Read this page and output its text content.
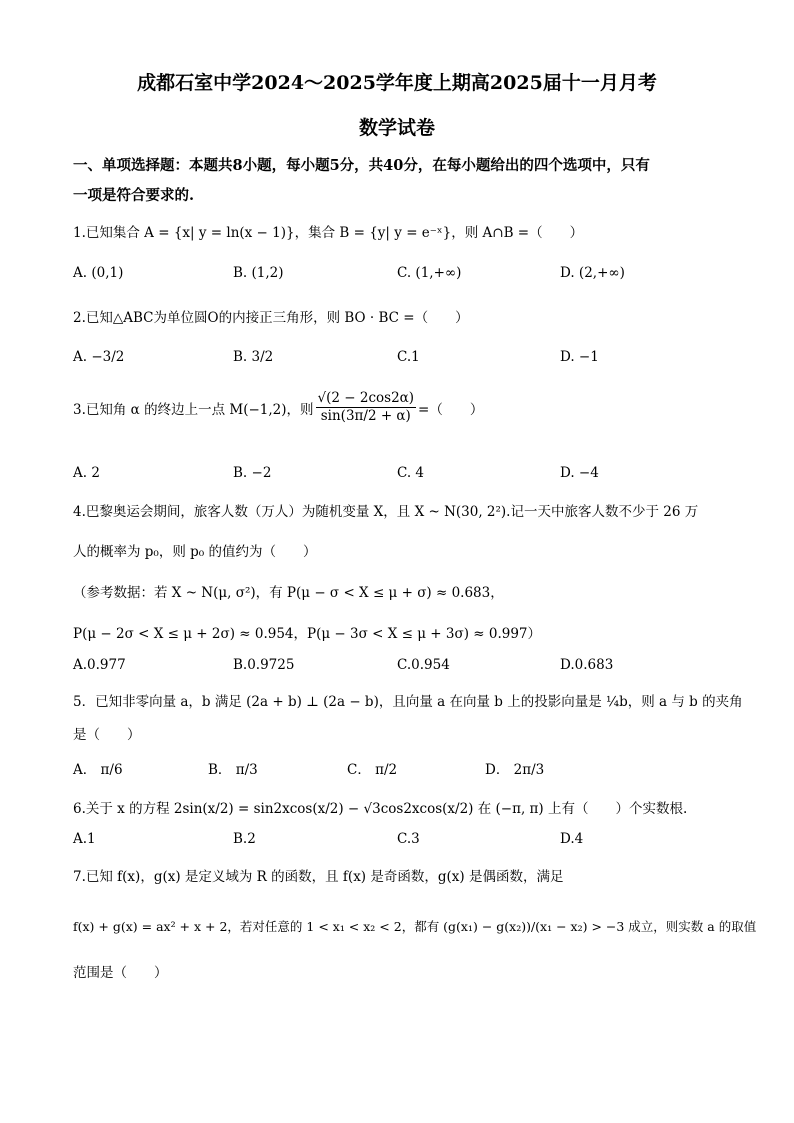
成都石室中学2024～2025学年度上期高2025届十一月月考
数学试卷
一、单项选择题：本题共8小题，每小题5分，共40分，在每小题给出的四个选项中，只有
一项是符合要求的.
1.已知集合 A = {x| y = ln(x − 1)}，集合 B = {y| y = e⁻ˣ}，则 A∩B =（　　）
A. (0,1)	B. (1,2)	C. (1,+∞)	D. (2,+∞)
2.已知△ABC为单位圆O的内接正三角形，则 BO · BC =（　　）
A. −3/2	B. 3/2	C.1	D. −1
3.已知角 α 的终边上一点 M(−1,2)，则 $\frac{√(2 - 2\cos 2\alpha)}{\sin(3\pi/2 + \alpha)}$ =（　　）
A. 2	B. −2	C. 4	D. −4
4.巴黎奥运会期间，旅客人数（万人）为随机变量 X，且 X ~ N(30, 2²).记一天中旅客人数不少于 26 万
人的概率为 p₀，则 p₀ 的值约为（　　）
（参考数据：若 X ~ N(μ, σ²)，有 P(μ − σ < X ≤ μ + σ) ≈ 0.683，
P(μ − 2σ < X ≤ μ + 2σ) ≈ 0.954，P(μ − 3σ < X ≤ μ + 3σ) ≈ 0.997）
A.0.977	B.0.9725	C.0.954	D.0.683
5．已知非零向量 a，b 满足 (2a + b) ⊥ (2a − b)，且向量 a 在向量 b 上的投影向量是 ¼b，则 a 与 b 的夹角
是（　　）
A． π/6	B． π/3	C． π/2	D． 2π/3
6.关于 x 的方程 2sin(x/2) = sin2xcos(x/2) − √3cos2xcos(x/2) 在 (−π, π) 上有（　　）个实数根.
A.1	B.2	C.3	D.4
7.已知 f(x)，g(x) 是定义域为 R 的函数，且 f(x) 是奇函数，g(x) 是偶函数，满足
f(x) + g(x) = ax² + x + 2，若对任意的 1 < x₁ < x₂ < 2，都有 (g(x₁) − g(x₂))/(x₁ − x₂) > −3 成立，则实数 a 的取值
范围是（　　）
